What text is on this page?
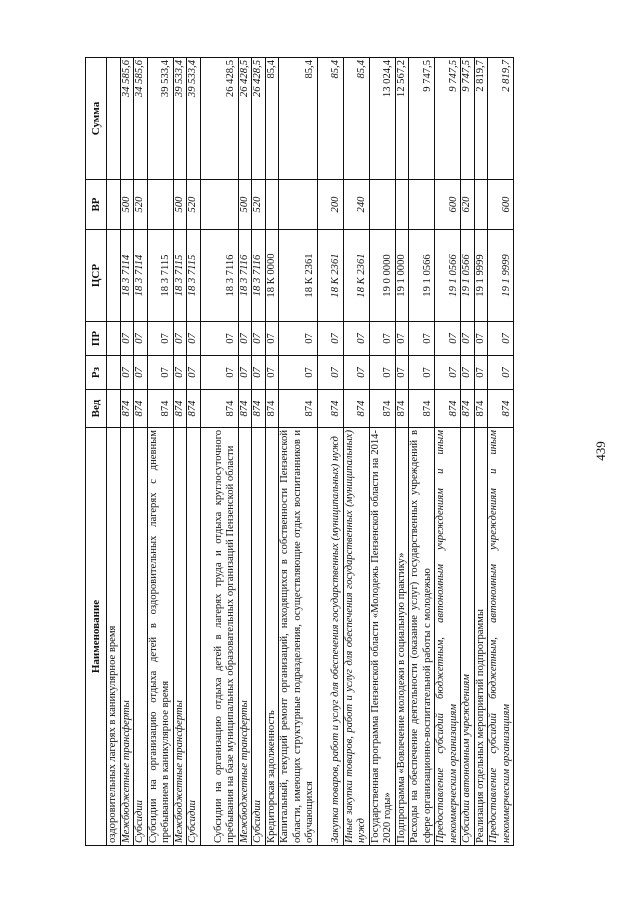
439
Наименование	Вед	Рз	ПР	ЦСР	ВР	Сумма
оздоровительных лагерях в каникулярное время						
Межбюджетные трансферты	874	07	07	18 3 7114	500	34 585,6
Субсидии	874	07	07	18 3 7114	520	34 585,6
Субсидии на организацию отдыха детей в оздоровительных лагерях с дневным пребыванием в каникулярное время	874	07	07	18 3 7115		39 533,4
Межбюджетные трансферты	874	07	07	18 3 7115	500	39 533,4
Субсидии	874	07	07	18 3 7115	520	39 533,4
Субсидии на организацию отдыха детей в лагерях труда и отдыха круглосуточного пребывания на базе муниципальных образовательных организаций Пензенской области	874	07	07	18 3 7116		26 428,5
Межбюджетные трансферты	874	07	07	18 3 7116	500	26 428,5
Субсидии	874	07	07	18 3 7116	520	26 428,5
Кредиторская задолженность	874	07	07	18 К 0000		85,4
Капитальный, текущий ремонт организаций, находящихся в собственности Пензенской области, имеющих структурные подразделения, осуществляющие отдых воспитанников и обучающихся	874	07	07	18 К 2361		85,4
Закупка товаров, работ и услуг для обеспечения государственных (муниципальных) нужд	874	07	07	18 К 2361	200	85,4
Иные закупки товаров, работ и услуг для обеспечения государственных (муниципальных) нужд	874	07	07	18 К 2361	240	85,4
Государственная программа Пензенской области «Молодежь Пензенской области на 2014-2020 годы»	874	07	07	19 0 0000		13 024,4
Подпрограмма «Вовлечение молодежи в социальную практику»	874	07	07	19 1 0000		12 567,2
Расходы на обеспечение деятельности (оказание услуг) государственных учреждений в сфере организационно-воспитательной работы с молодежью	874	07	07	19 1 0566		9 747,5
Предоставление субсидий бюджетным, автономным учреждениям и иным некоммерческим организациям	874	07	07	19 1 0566	600	9 747,5
Субсидии автономным учреждениям	874	07	07	19 1 0566	620	9 747,5
Реализация отдельных мероприятий подпрограммы	874	07	07	19 1 9999		2 819,7
Предоставление субсидий бюджетным, автономным учреждениям и иным некоммерческим организациям	874	07	07	19 1 9999	600	2 819,7
